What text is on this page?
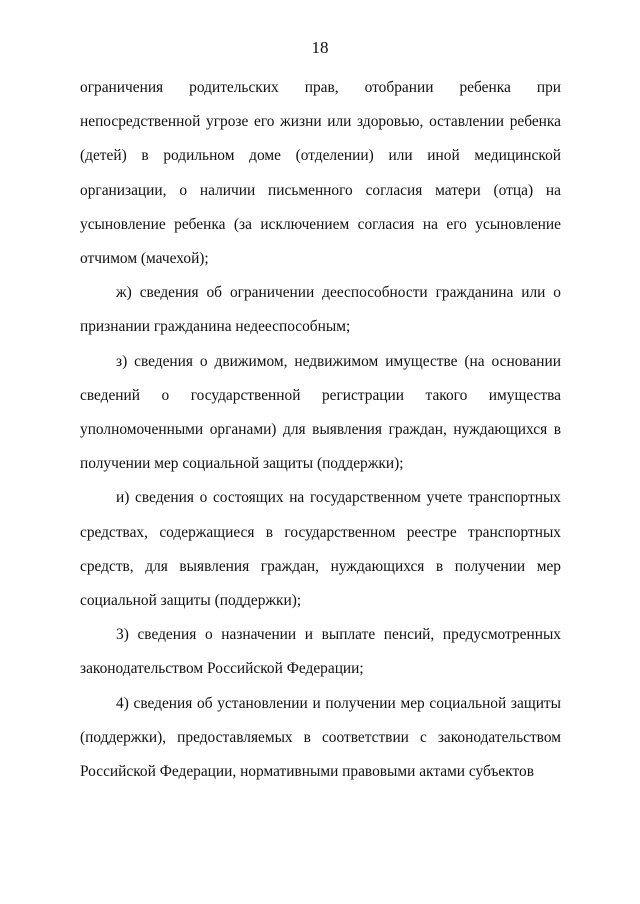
18

ограничения родительских прав, отобрании ребенка при непосредственной угрозе его жизни или здоровью, оставлении ребенка (детей) в родильном доме (отделении) или иной медицинской организации, о наличии письменного согласия матери (отца) на усыновление ребенка (за исключением согласия на его усыновление отчимом (мачехой);

ж) сведения об ограничении дееспособности гражданина или о признании гражданина недееспособным;

з) сведения о движимом, недвижимом имуществе (на основании сведений о государственной регистрации такого имущества уполномоченными органами) для выявления граждан, нуждающихся в получении мер социальной защиты (поддержки);

и) сведения о состоящих на государственном учете транспортных средствах, содержащиеся в государственном реестре транспортных средств, для выявления граждан, нуждающихся в получении мер социальной защиты (поддержки);

3) сведения о назначении и выплате пенсий, предусмотренных законодательством Российской Федерации;

4) сведения об установлении и получении мер социальной защиты (поддержки), предоставляемых в соответствии с законодательством Российской Федерации, нормативными правовыми актами субъектов
